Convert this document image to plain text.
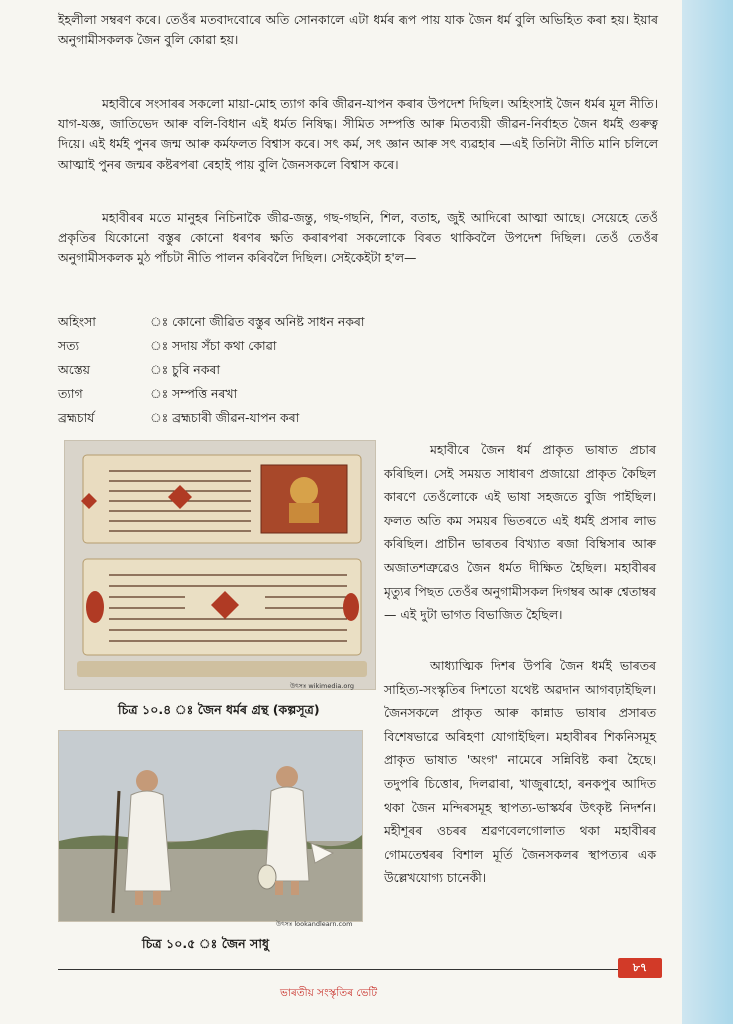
ইহলীলা সম্বৰণ কৰে। তেওঁৰ মতবাদবোৰে অতি সোনকালে এটা ধৰ্মৰ ৰূপ পায় যাক জৈন ধৰ্ম বুলি অভিহিত কৰা হয়। ইয়াৰ অনুগামীসকলক জৈন বুলি কোৱা হয়।

মহাবীৰে সংসাৰৰ সকলো মায়া-মোহ ত্যাগ কৰি জীৱন-যাপন কৰাৰ উপদেশ দিছিল। অহিংসাই জৈন ধৰ্মৰ মূল নীতি। যাগ-যজ্ঞ, জাতিভেদ আৰু বলি-বিধান এই ধৰ্মত নিষিদ্ধ। সীমিত সম্পত্তি আৰু মিতব্যয়ী জীৱন-নিৰ্বাহত জৈন ধৰ্মই গুৰুত্ব দিয়ে। এই ধৰ্মই পুনৰ জন্ম আৰু কৰ্মফলত বিশ্বাস কৰে। সৎ কৰ্ম, সৎ জ্ঞান আৰু সৎ ব্যৱহাৰ —এই তিনিটা নীতি মানি চলিলে আত্মাই পুনৰ জন্মৰ কষ্টৰপৰা ৰেহাই পায় বুলি জৈনসকলে বিশ্বাস কৰে।

মহাবীৰৰ মতে মানুহৰ নিচিনাকৈ জীৱ-জন্তু, গছ-গছনি, শিল, বতাহ, জুই আদিৰো আত্মা আছে। সেয়েহে তেওঁ প্ৰকৃতিৰ যিকোনো বস্তুৰ কোনো ধৰণৰ ক্ষতি কৰাৰপৰা সকলোকে বিৰত থাকিবলৈ উপদেশ দিছিল। তেওঁ তেওঁৰ অনুগামীসকলক মুঠ পাঁচটা নীতি পালন কৰিবলৈ দিছিল। সেইকেইটা হ'ল—

অহিংসা	ঃ কোনো জীৱিত বস্তুৰ অনিষ্ট সাধন নকৰা
সত্য	ঃ সদায় সঁচা কথা কোৱা
অস্তেয়	ঃ চুৰি নকৰা
ত্যাগ	ঃ সম্পত্তি নৰখা
ব্ৰহ্মচাৰ্য	ঃ ব্ৰহ্মচাৰী জীৱন-যাপন কৰা
উৎসঃ wikimedia.org
চিত্ৰ ১০.৪ ঃ জৈন ধৰ্মৰ গ্ৰন্থ (কল্পসূত্ৰ)
উৎসঃ lookandlearn.com
চিত্ৰ ১০.৫ ঃ জৈন সাধু

মহাবীৰে জৈন ধৰ্ম প্ৰাকৃত ভাষাত প্ৰচাৰ কৰিছিল। সেই সময়ত সাধাৰণ প্ৰজায়ো প্ৰাকৃত কৈছিল কাৰণে তেওঁলোকে এই ভাষা সহজতে বুজি পাইছিল। ফলত অতি কম সময়ৰ ভিতৰতে এই ধৰ্মই প্ৰসাৰ লাভ কৰিছিল। প্ৰাচীন ভাৰতৰ বিখ্যাত ৰজা বিম্বিসাৰ আৰু অজাতশত্ৰুৱেও জৈন ধৰ্মত দীক্ষিত হৈছিল। মহাবীৰৰ মৃত্যুৰ পিছত তেওঁৰ অনুগামীসকল দিগম্বৰ আৰু শ্বেতাম্বৰ— এই দুটা ভাগত বিভাজিত হৈছিল।

আধ্যাত্মিক দিশৰ উপৰি জৈন ধৰ্মই ভাৰতৰ সাহিত্য-সংস্কৃতিৰ দিশতো যথেষ্ট অৱদান আগবঢ়াইছিল। জৈনসকলে প্ৰাকৃত আৰু কান্নাড ভাষাৰ প্ৰসাৰত বিশেষভাৱে অৰিহণা যোগাইছিল। মহাবীৰৰ শিকনিসমূহ প্ৰাকৃত ভাষাত 'অংগ' নামেৰে সন্নিবিষ্ট কৰা হৈছে। তদুপৰি চিত্তোৰ, দিলৱাৰা, খাজুৰাহো, ৰনকপুৰ আদিত থকা জৈন মন্দিৰসমূহ স্থাপত্য-ভাস্কৰ্যৰ উৎকৃষ্ট নিদৰ্শন। মহীশূৰৰ ওচৰৰ শ্ৰৱণবেলগোলাত থকা মহাবীৰৰ গোমতেশ্বৰৰ বিশাল মূৰ্তি জৈনসকলৰ স্থাপত্যৰ এক উল্লেখযোগ্য চানেকী।

ভাৰতীয় সংস্কৃতিৰ ভেটি
৮৭
